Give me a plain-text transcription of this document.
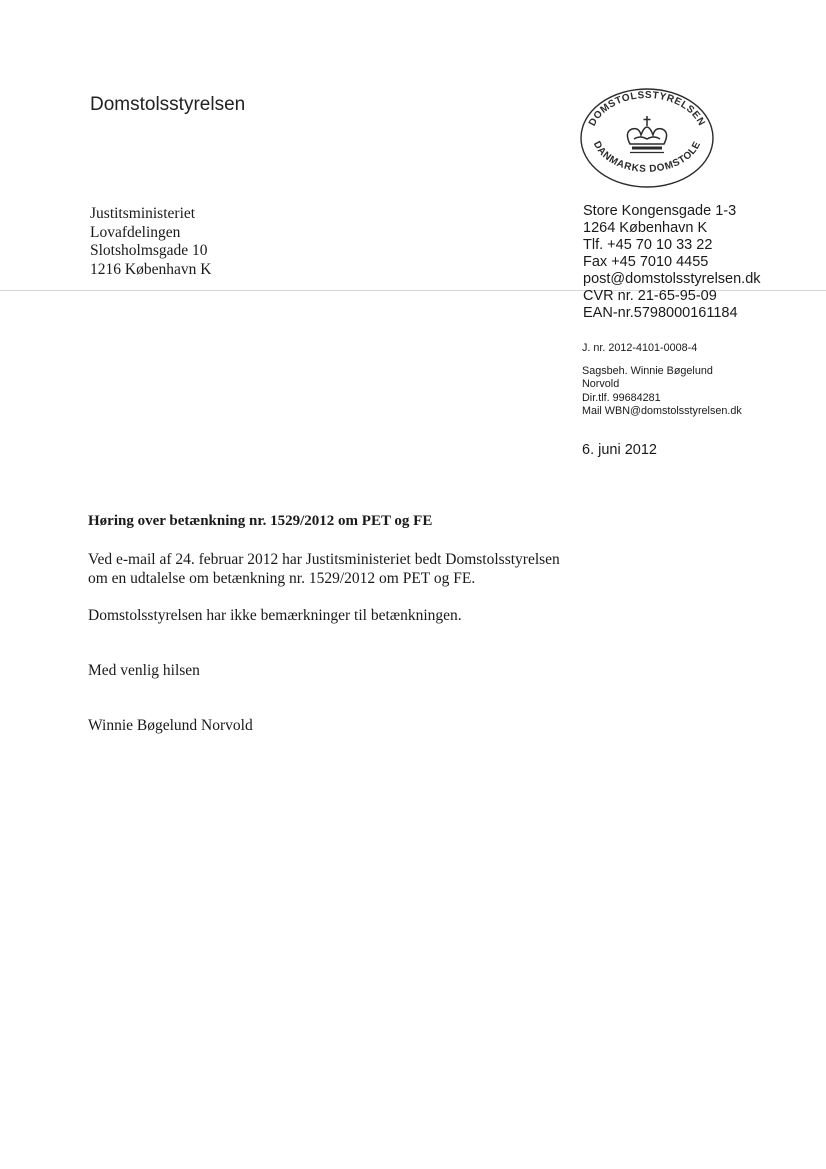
Domstolsstyrelsen
DOMSTOLSSTYRELSEN
DANMARKS DOMSTOLE
Justitsministeriet
Lovafdelingen
Slotsholmsgade 10
1216 København K
Store Kongensgade 1-3
1264 København K
Tlf. +45 70 10 33 22
Fax +45 7010 4455
post@domstolsstyrelsen.dk
CVR nr. 21-65-95-09
EAN-nr.5798000161184
J. nr. 2012-4101-0008-4
Sagsbeh. Winnie Bøgelund
Norvold
Dir.tlf. 99684281
Mail WBN@domstolsstyrelsen.dk
6. juni 2012
Høring over betænkning nr. 1529/2012 om PET og FE
Ved e-mail af 24. februar 2012 har Justitsministeriet bedt Domstolsstyrelsen
om en udtalelse om betænkning nr. 1529/2012 om PET og FE.
Domstolsstyrelsen har ikke bemærkninger til betænkningen.
Med venlig hilsen
Winnie Bøgelund Norvold
